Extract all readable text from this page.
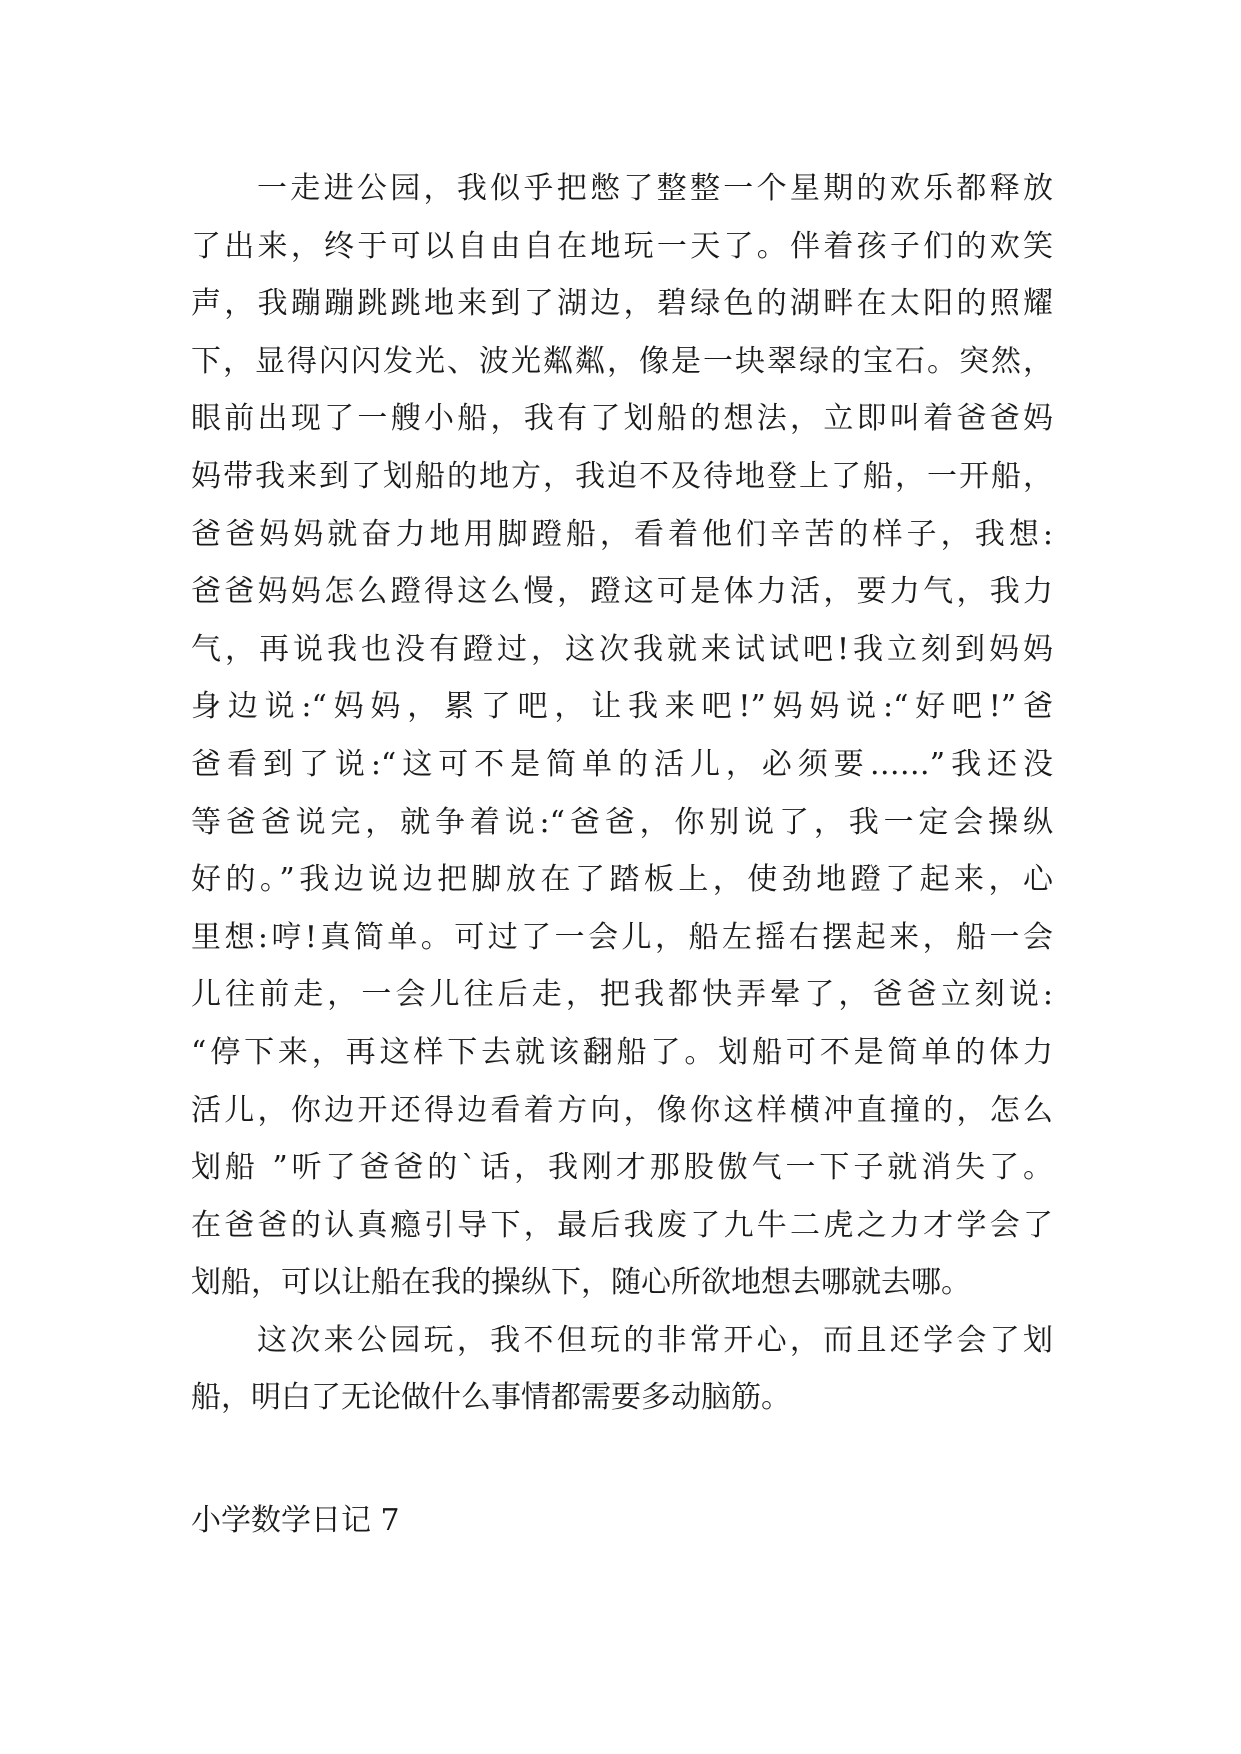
一走进公园，我似乎把憋了整整一个星期的欢乐都释放
了出来，终于可以自由自在地玩一天了。伴着孩子们的欢笑
声，我蹦蹦跳跳地来到了湖边，碧绿色的湖畔在太阳的照耀
下，显得闪闪发光、波光粼粼，像是一块翠绿的宝石。突然，
眼前出现了一艘小船，我有了划船的想法，立即叫着爸爸妈
妈带我来到了划船的地方，我迫不及待地登上了船，一开船，
爸爸妈妈就奋力地用脚蹬船，看着他们辛苦的样子，我想:
爸爸妈妈怎么蹬得这么慢，蹬这可是体力活，要力气，我力
气，再说我也没有蹬过，这次我就来试试吧!我立刻到妈妈
身边说:“妈妈，累了吧，让我来吧!”妈妈说:“好吧!”爸
爸看到了说:“这可不是简单的活儿，必须要……”我还没
等爸爸说完，就争着说:“爸爸，你别说了，我一定会操纵
好的。”我边说边把脚放在了踏板上，使劲地蹬了起来，心
里想:哼!真简单。可过了一会儿，船左摇右摆起来，船一会
儿往前走，一会儿往后走，把我都快弄晕了，爸爸立刻说:
“停下来，再这样下去就该翻船了。划船可不是简单的体力
活儿，你边开还得边看着方向，像你这样横冲直撞的，怎么
划船 ”听了爸爸的`话，我刚才那股傲气一下子就消失了。
在爸爸的认真瘾引导下，最后我废了九牛二虎之力才学会了
划船，可以让船在我的操纵下，随心所欲地想去哪就去哪。
这次来公园玩，我不但玩的非常开心，而且还学会了划
船，明白了无论做什么事情都需要多动脑筋。
小学数学日记 7
